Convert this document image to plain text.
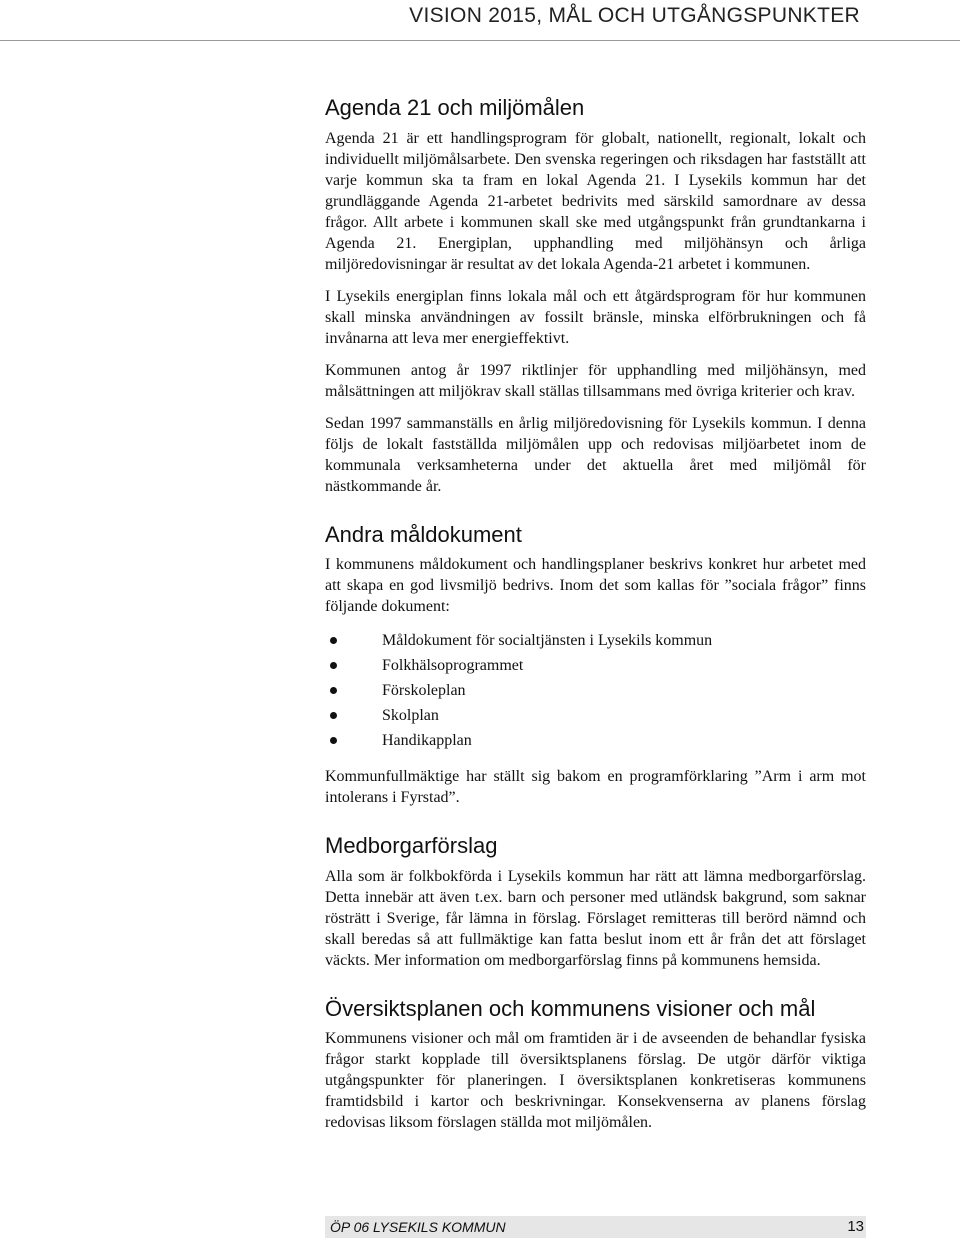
VISION 2015, MÅL OCH UTGÅNGSPUNKTER
Agenda 21 och miljömålen

Agenda 21 är ett handlingsprogram för globalt, nationellt, regionalt, lokalt och individuellt miljömålsarbete. Den svenska regeringen och riksdagen har fastställt att varje kommun ska ta fram en lokal Agenda 21. I Lysekils kommun har det grundläggande Agenda 21-arbetet bedrivits med särskild samordnare av dessa frågor. Allt arbete i kommunen skall ske med utgångspunkt från grundtankarna i Agenda 21. Energiplan, upphandling med miljöhänsyn och årliga miljöredovisningar är resultat av det lokala Agenda-21 arbetet i kommunen.

I Lysekils energiplan finns lokala mål och ett åtgärdsprogram för hur kommunen skall minska användningen av fossilt bränsle, minska elförbrukningen och få invånarna att leva mer energieffektivt.

Kommunen antog år 1997 riktlinjer för upphandling med miljöhänsyn, med målsättningen att miljökrav skall ställas tillsammans med övriga kriterier och krav.

Sedan 1997 sammanställs en årlig miljöredovisning för Lysekils kommun. I denna följs de lokalt fastställda miljömålen upp och redovisas miljöarbetet inom de kommunala verksamheterna under det aktuella året med miljömål för nästkommande år.

Andra måldokument

I kommunens måldokument och handlingsplaner beskrivs konkret hur arbetet med att skapa en god livsmiljö bedrivs. Inom det som kallas för ”sociala frågor” finns följande dokument:

Måldokument för socialtjänsten i Lysekils kommun
Folkhälsoprogrammet
Förskoleplan
Skolplan
Handikapplan

Kommunfullmäktige har ställt sig bakom en programförklaring ”Arm i arm mot intolerans i Fyrstad”.

Medborgarförslag

Alla som är folkbokförda i Lysekils kommun har rätt att lämna medborgarförslag. Detta innebär att även t.ex. barn och personer med utländsk bakgrund, som saknar rösträtt i Sverige, får lämna in förslag. Förslaget remitteras till berörd nämnd och skall beredas så att fullmäktige kan fatta beslut inom ett år från det att förslaget väckts. Mer information om medborgarförslag finns på kommunens hemsida.

Översiktsplanen och kommunens visioner och mål

Kommunens visioner och mål om framtiden är i de avseenden de behandlar fysiska frågor starkt kopplade till översiktsplanens förslag. De utgör därför viktiga utgångspunkter för planeringen. I översiktsplanen konkretiseras kommunens framtidsbild i kartor och beskrivningar. Konsekvenserna av planens förslag redovisas liksom förslagen ställda mot miljömålen.

ÖP 06 LYSEKILS KOMMUN	13
